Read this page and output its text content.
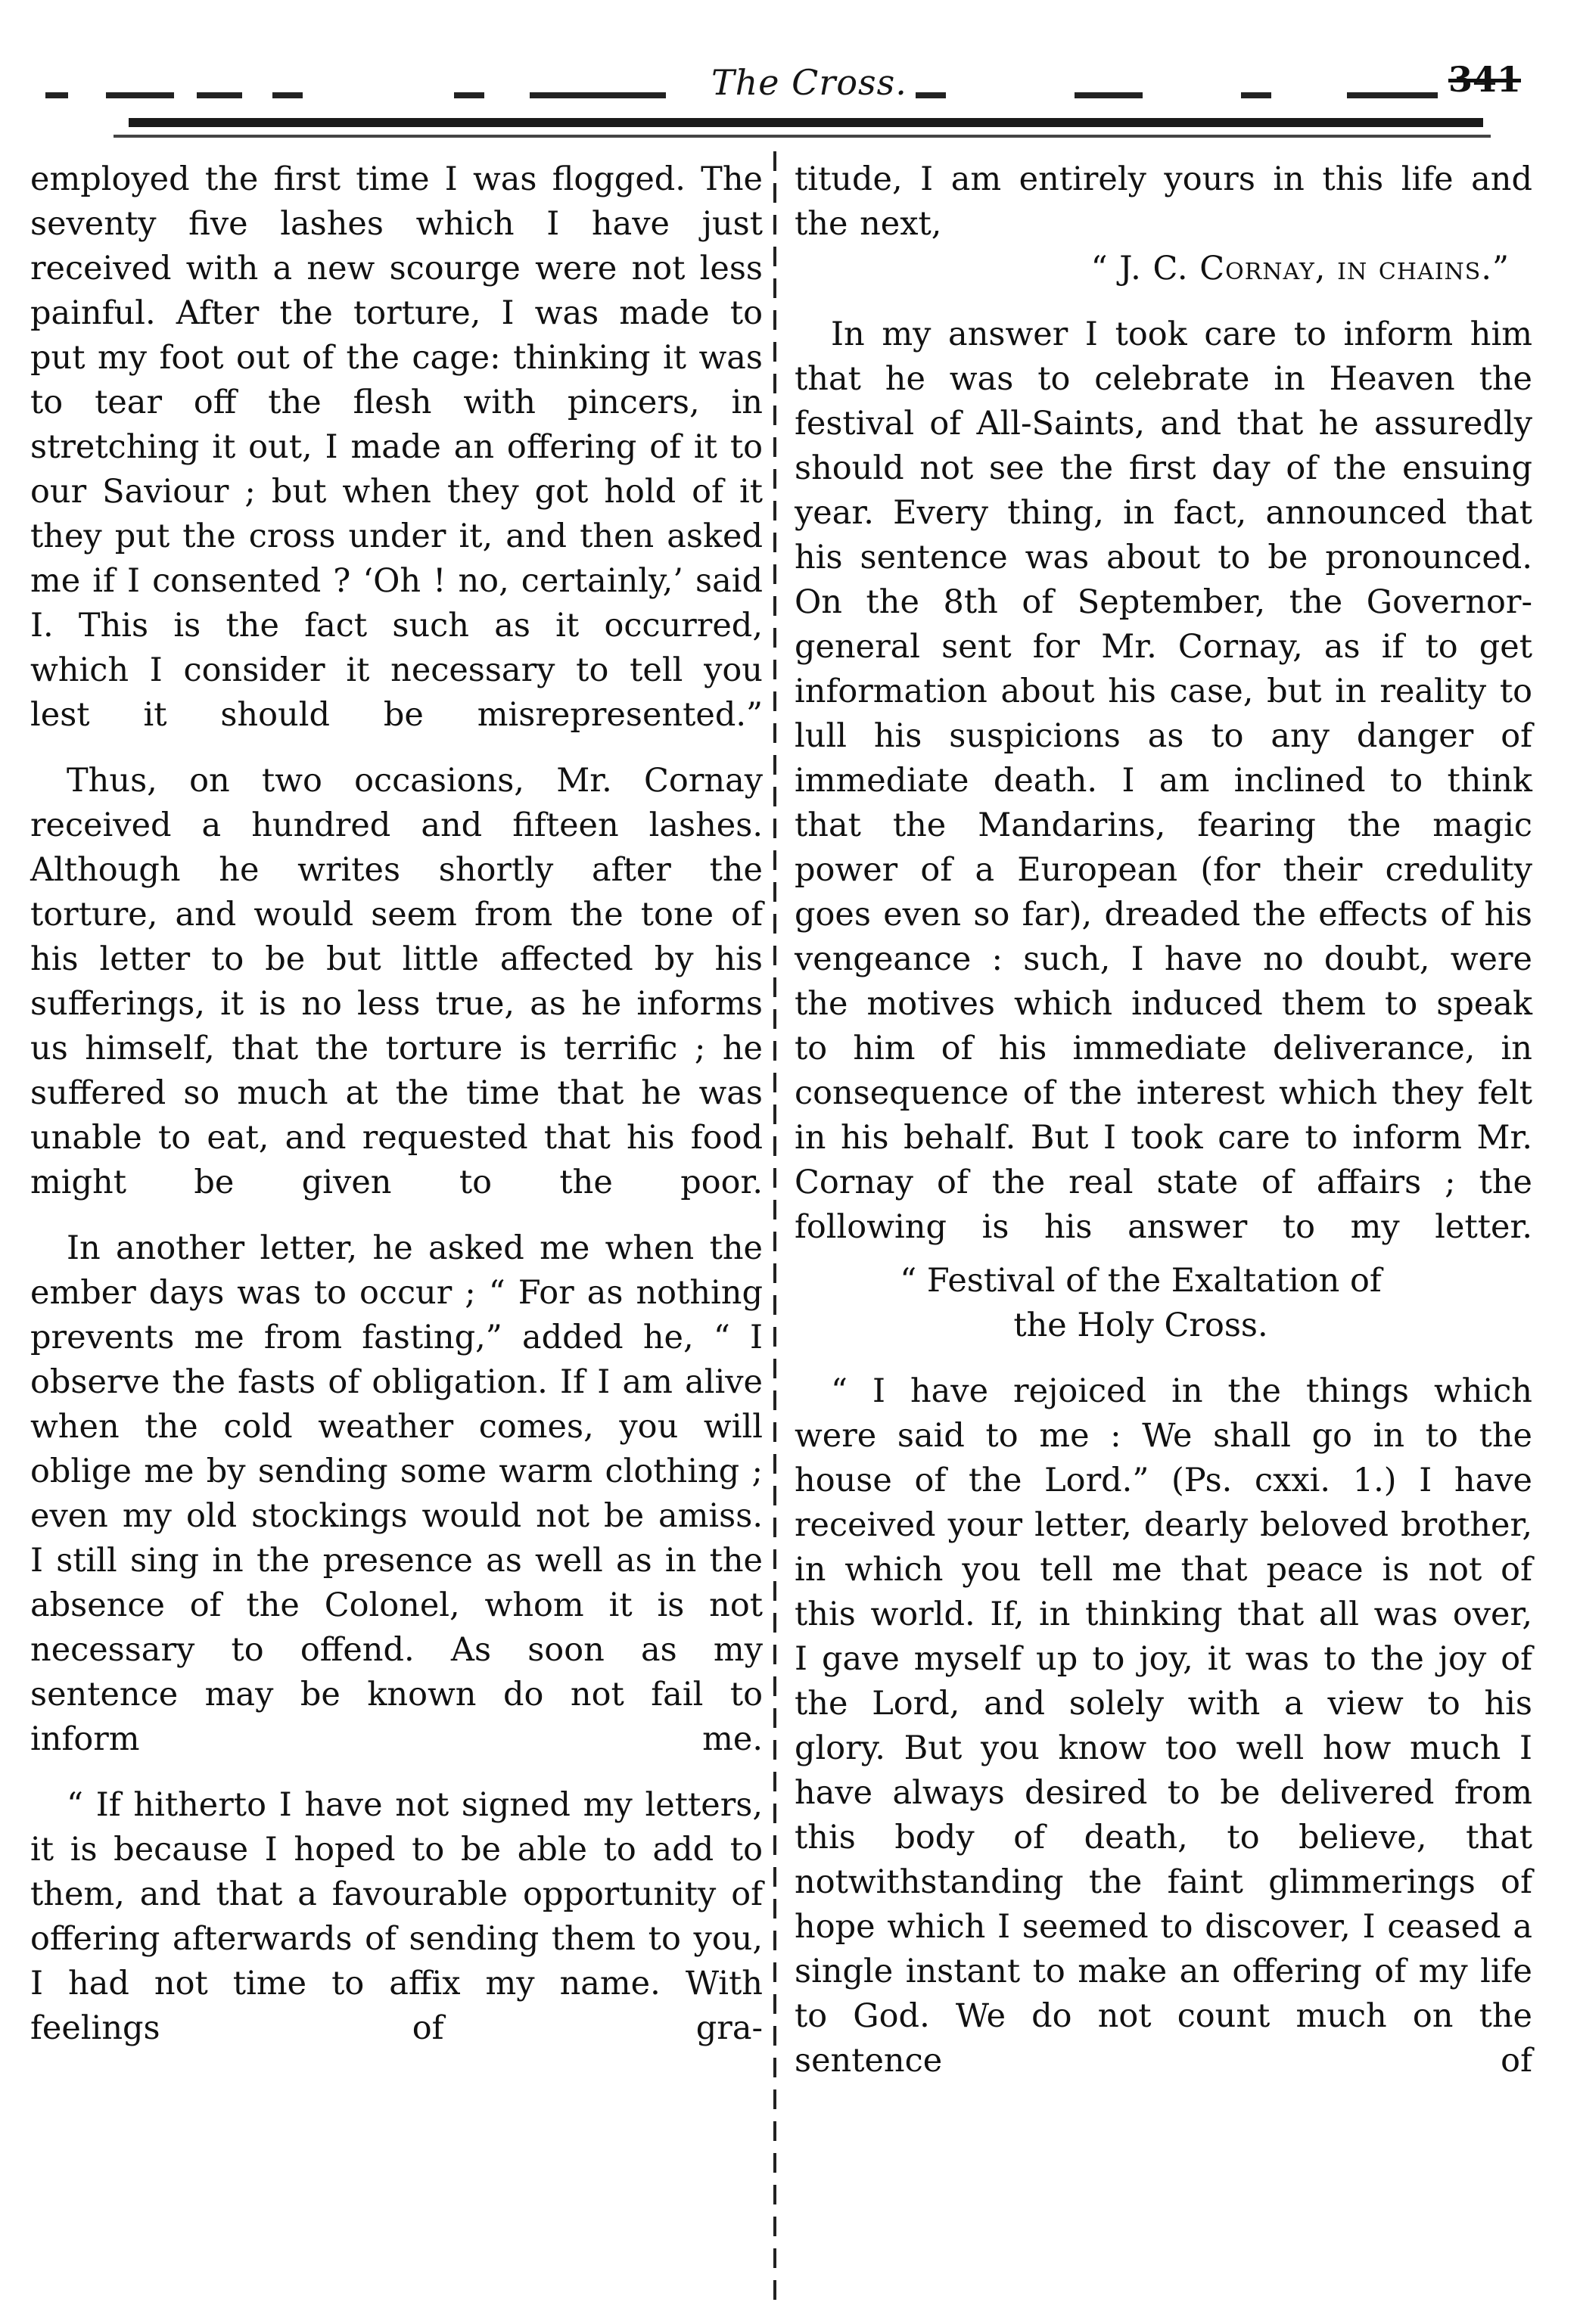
The Cross.	341

employed the first time I was flogged. The seventy five lashes which I have just received with a new scourge were not less painful. After the torture, I was made to put my foot out of the cage: thinking it was to tear off the flesh with pincers, in stretching it out, I made an offering of it to our Saviour ; but when they got hold of it they put the cross under it, and then asked me if I consented ? ‘Oh ! no, certainly,’ said I. This is the fact such as it occurred, which I consider it necessary to tell you lest it should be misrepresented.”

Thus, on two occasions, Mr. Cornay received a hundred and fifteen lashes. Although he writes shortly after the torture, and would seem from the tone of his letter to be but little affected by his sufferings, it is no less true, as he informs us himself, that the torture is terrific ; he suffered so much at the time that he was unable to eat, and requested that his food might be given to the poor.

In another letter, he asked me when the ember days was to occur ; “ For as nothing prevents me from fasting,” added he, “ I observe the fasts of obligation. If I am alive when the cold weather comes, you will oblige me by sending some warm clothing ; even my old stockings would not be amiss. I still sing in the presence as well as in the absence of the Colonel, whom it is not necessary to offend. As soon as my sentence may be known do not fail to inform me.

“ If hitherto I have not signed my letters, it is because I hoped to be able to add to them, and that a favourable opportunity of offering afterwards of sending them to you, I had not time to affix my name. With feelings of gra-

titude, I am entirely yours in this life and the next,

“ J. C. Cornay, in chains.”

In my answer I took care to inform him that he was to celebrate in Heaven the festival of All-Saints, and that he assuredly should not see the first day of the ensuing year. Every thing, in fact, announced that his sentence was about to be pronounced. On the 8th of September, the Governor-general sent for Mr. Cornay, as if to get information about his case, but in reality to lull his suspicions as to any danger of immediate death. I am inclined to think that the Mandarins, fearing the magic power of a European (for their credulity goes even so far), dreaded the effects of his vengeance : such, I have no doubt, were the motives which induced them to speak to him of his immediate deliverance, in consequence of the interest which they felt in his behalf. But I took care to inform Mr. Cornay of the real state of affairs ; the following is his answer to my letter.

“ Festival of the Exaltation of
the Holy Cross.

“ I have rejoiced in the things which were said to me : We shall go in to the house of the Lord.” (Ps. cxxi. 1.) I have received your letter, dearly beloved brother, in which you tell me that peace is not of this world. If, in thinking that all was over, I gave myself up to joy, it was to the joy of the Lord, and solely with a view to his glory. But you know too well how much I have always desired to be delivered from this body of death, to believe, that notwithstanding the faint glimmerings of hope which I seemed to discover, I ceased a single instant to make an offering of my life to God. We do not count much on the sentence of
